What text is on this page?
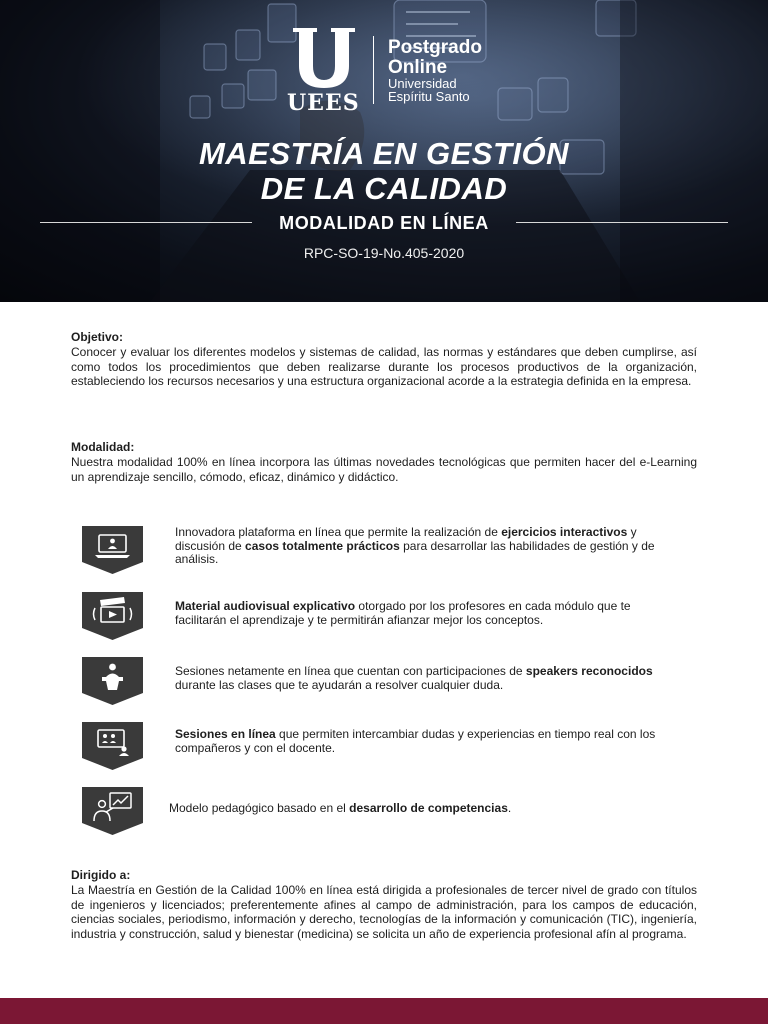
UEES
Postgrado
Online
Universidad
Espíritu Santo
MAESTRÍA EN GESTIÓN
DE LA CALIDAD
MODALIDAD EN LÍNEA
RPC-SO-19-No.405-2020
Objetivo:
Conocer y evaluar los diferentes modelos y sistemas de calidad, las normas y estándares que deben cumplirse, así como todos los procedimientos que deben realizarse durante los procesos productivos de la organización, estableciendo los recursos necesarios y una estructura organizacional acorde a la estrategia definida en la empresa.
Modalidad:
Nuestra modalidad 100% en línea incorpora las últimas novedades tecnológicas que permiten hacer del e-Learning un aprendizaje sencillo, cómodo, eficaz, dinámico y didáctico.
Innovadora plataforma en línea que permite la realización de ejercicios interactivos y discusión de casos totalmente prácticos para desarrollar las habilidades de gestión y de análisis.
Material audiovisual explicativo otorgado por los profesores en cada módulo que te facilitarán el aprendizaje y te permitirán afianzar mejor los conceptos.
Sesiones netamente en línea que cuentan con participaciones de speakers reconocidos durante las clases que te ayudarán a resolver cualquier duda.
Sesiones en línea que permiten intercambiar dudas y experiencias en tiempo real con los compañeros y con el docente.
Modelo pedagógico basado en el desarrollo de competencias.
Dirigido a:
La Maestría en Gestión de la Calidad 100% en línea está dirigida a profesionales de tercer nivel de grado con títulos de ingenieros y licenciados; preferentemente afines al campo de administración, para los campos de educación, ciencias sociales, periodismo, información y derecho, tecnologías de la información y comunicación (TIC), ingeniería, industria y construcción, salud y bienestar (medicina) se solicita un año de experiencia profesional afín al programa.
